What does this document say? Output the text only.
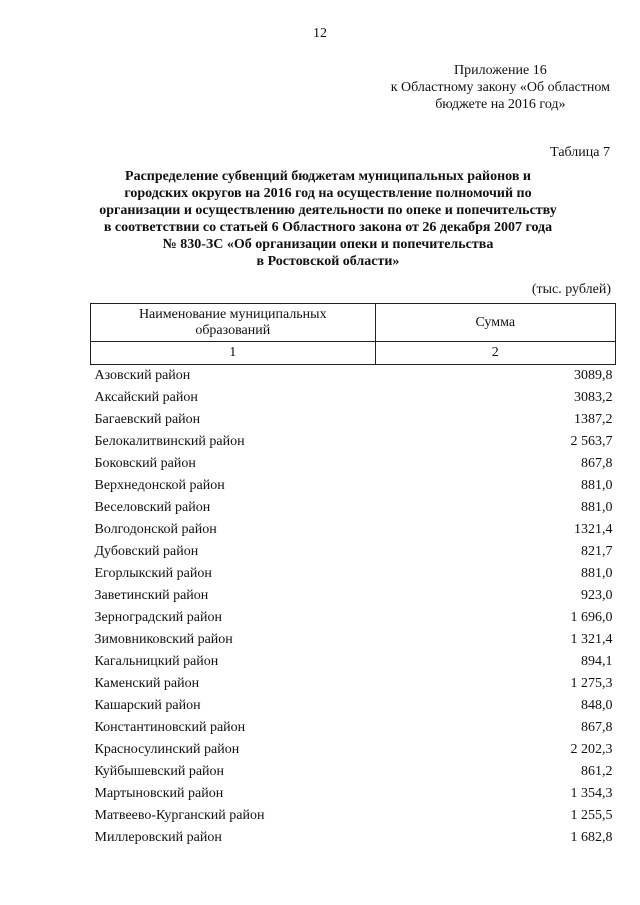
12
Приложение 16
к Областному закону «Об областном
бюджете на 2016 год»
Таблица 7
Распределение субвенций бюджетам муниципальных районов и
городских округов на 2016 год на осуществление полномочий по
организации и осуществлению деятельности по опеке и попечительству
в соответствии со статьей 6 Областного закона от 26 декабря 2007 года
№ 830-ЗС «Об организации опеки и попечительства
в Ростовской области»
(тыс. рублей)
Наименование муниципальных
образований	Сумма
1	2
Азовский район	3089,8
Аксайский район	3083,2
Багаевский район	1387,2
Белокалитвинский район	2 563,7
Боковский район	867,8
Верхнедонской район	881,0
Веселовский район	881,0
Волгодонской район	1321,4
Дубовский район	821,7
Егорлыкский район	881,0
Заветинский район	923,0
Зерноградский район	1 696,0
Зимовниковский район	1 321,4
Кагальницкий район	894,1
Каменский район	1 275,3
Кашарский район	848,0
Константиновский район	867,8
Красносулинский район	2 202,3
Куйбышевский район	861,2
Мартыновский район	1 354,3
Матвеево-Курганский район	1 255,5
Миллеровский район	1 682,8
